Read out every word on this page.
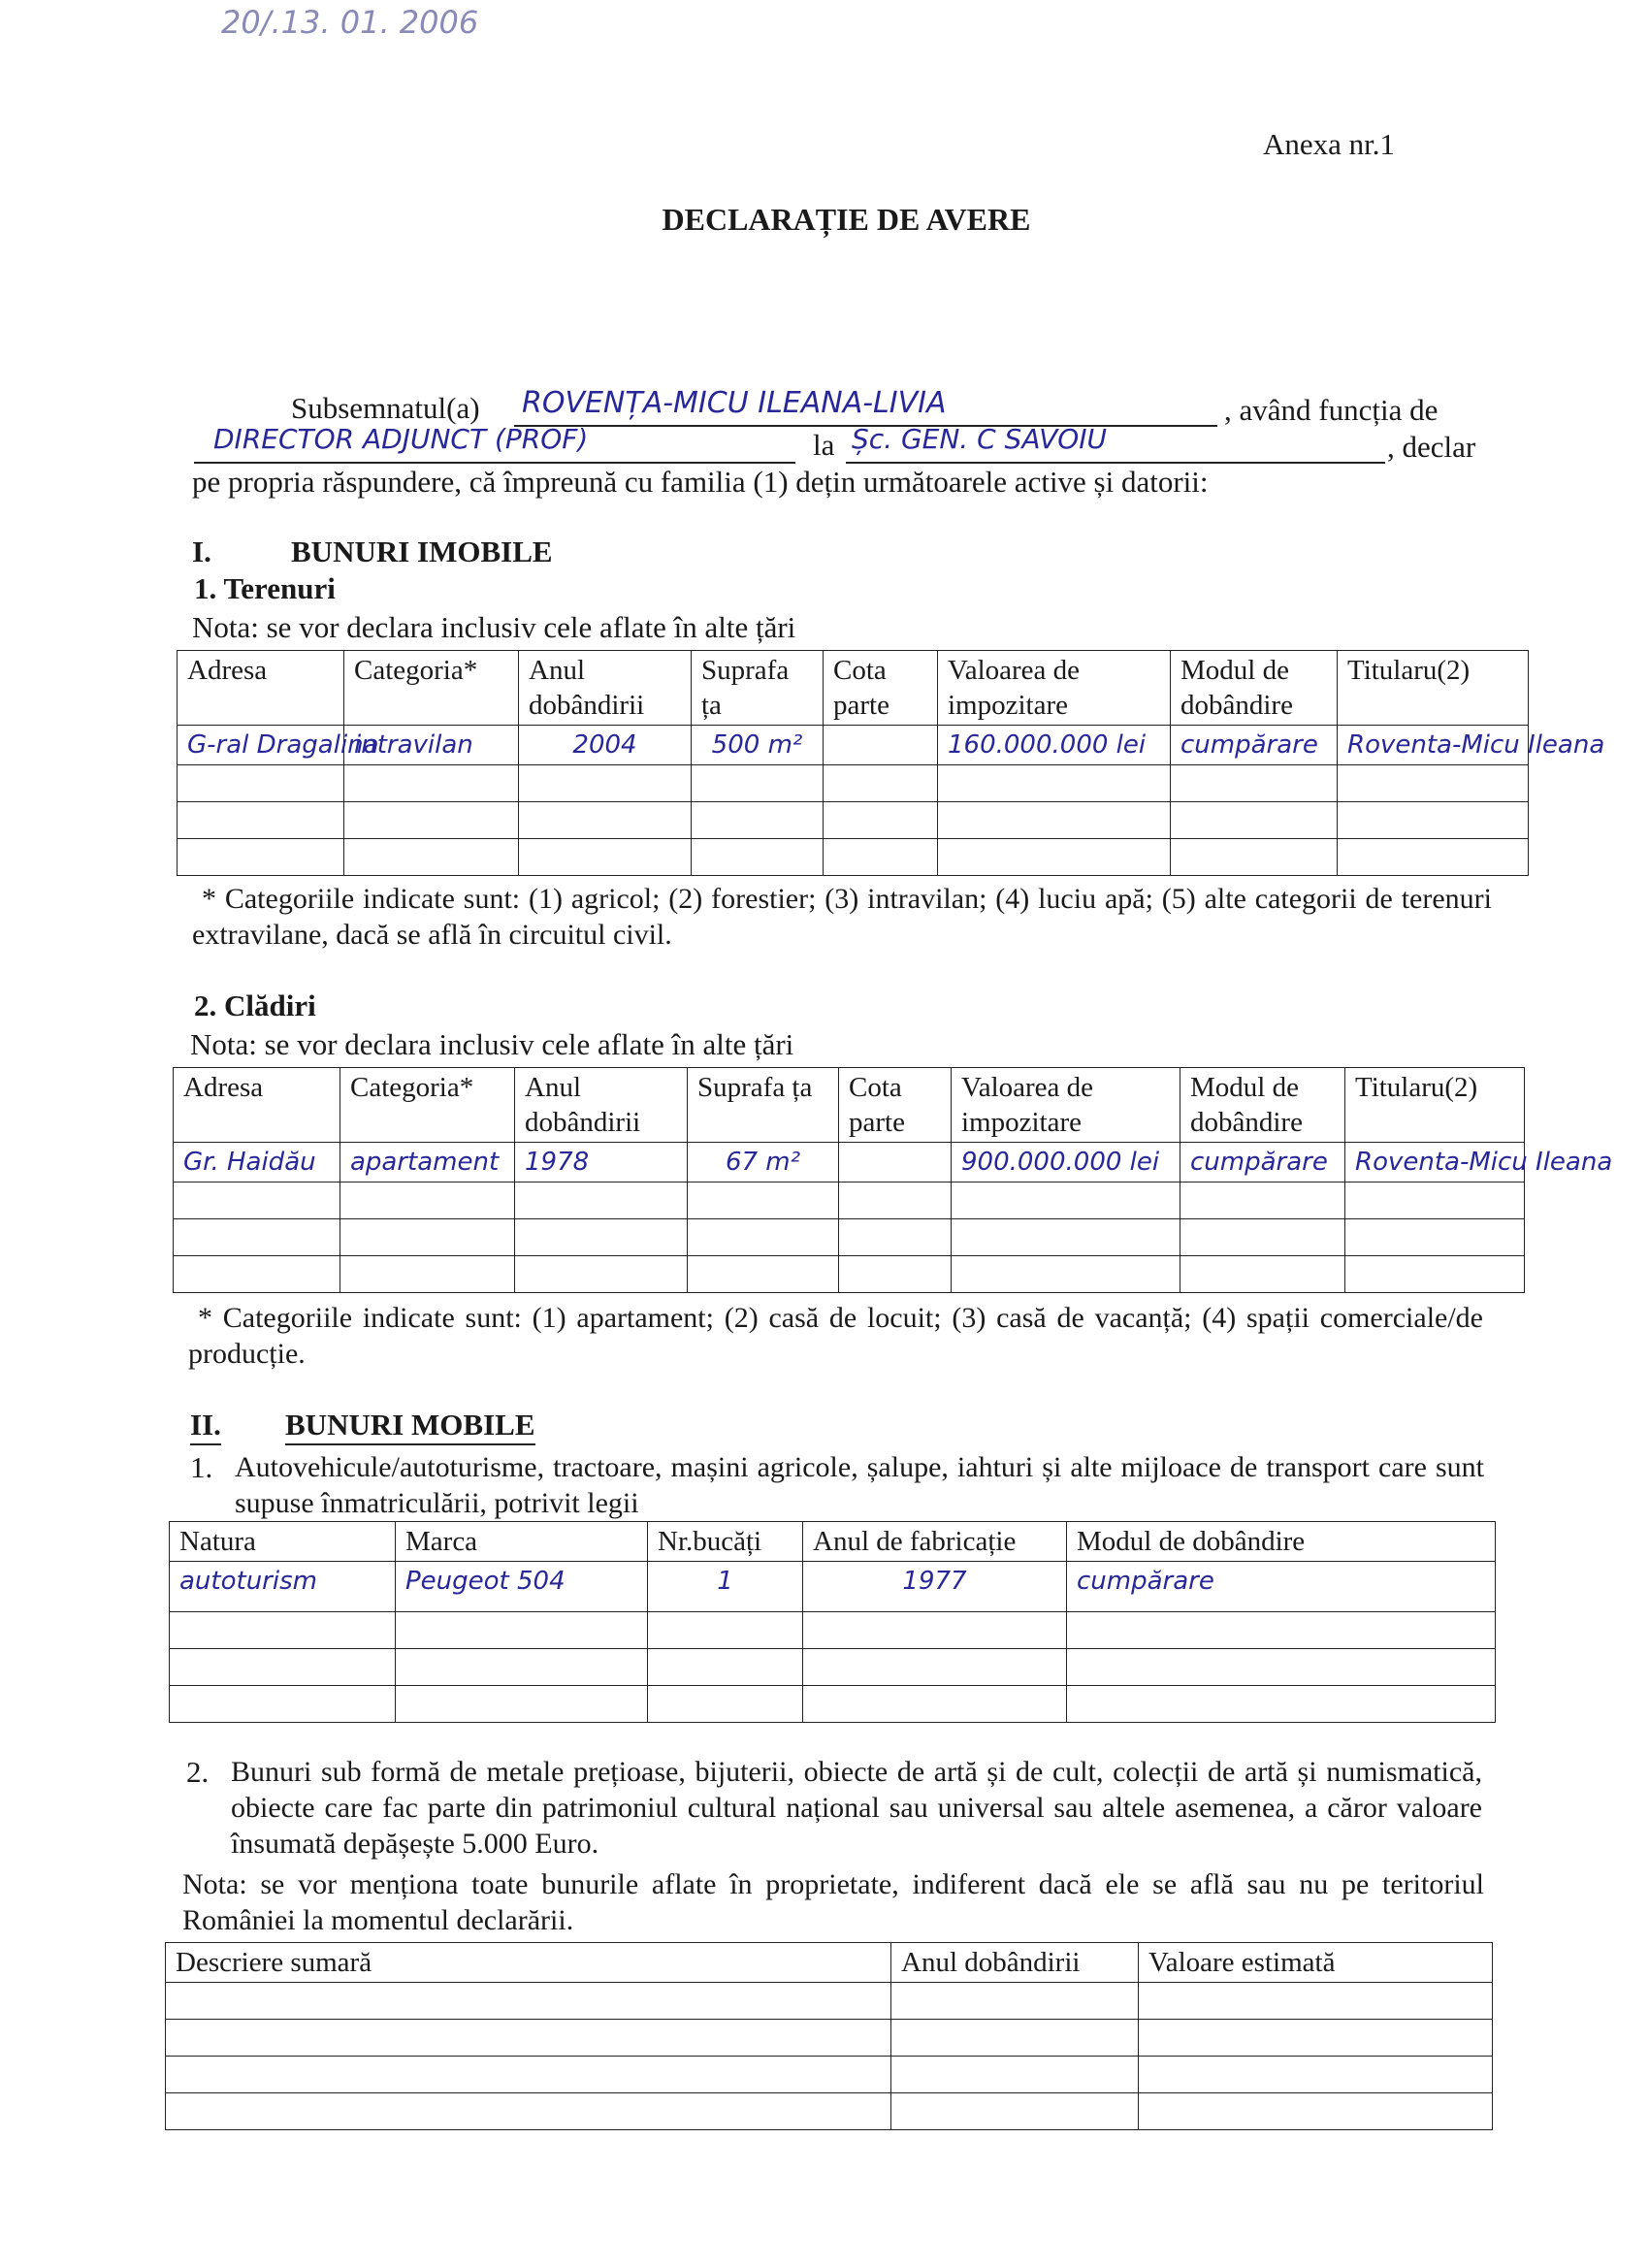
20/.13. 01. 2006
Anexa nr.1
DECLARAȚIE DE AVERE
Subsemnatul(a) ROVENȚA-MICU ILEANA-LIVIA	, având funcția de
DIRECTOR ADJUNCT (PROF)	la Șc. GEN. C SAVOIU	, declar
pe propria răspundere, că împreună cu familia (1) dețin următoarele active și datorii:
I.	BUNURI IMOBILE
1. Terenuri
Nota: se vor declara inclusiv cele aflate în alte țări
Adresa	Categoria*	Anul dobândirii	Suprafa ța	Cota parte	Valoarea de impozitare	Modul de dobândire	Titularu(2)
G-ral Dragalina	intravilan	2004	500 m²		160.000.000 lei	cumpărare	Roventa-Micu Ileana

* Categoriile indicate sunt: (1) agricol; (2) forestier; (3) intravilan; (4) luciu apă; (5) alte categorii de terenuri extravilane, dacă se află în circuitul civil.
2. Clădiri
Nota: se vor declara inclusiv cele aflate în alte țări
Adresa	Categoria*	Anul dobândirii	Suprafa ța	Cota parte	Valoarea de impozitare	Modul de dobândire	Titularu(2)
Gr. Haidău	apartament	1978	67 m²		900.000.000 lei	cumpărare	Roventa-Micu Ileana

* Categoriile indicate sunt: (1) apartament; (2) casă de locuit; (3) casă de vacanță; (4) spații comerciale/de producție.
II. BUNURI MOBILE
1. Autovehicule/autoturisme, tractoare, mașini agricole, șalupe, iahturi și alte mijloace de transport care sunt supuse înmatriculării, potrivit legii
Natura	Marca	Nr.bucăți	Anul de fabricație	Modul de dobândire
autoturism	Peugeot 504	1	1977	cumpărare

2. Bunuri sub formă de metale prețioase, bijuterii, obiecte de artă și de cult, colecții de artă și numismatică, obiecte care fac parte din patrimoniul cultural național sau universal sau altele asemenea, a căror valoare însumată depășește 5.000 Euro.
Nota: se vor menționa toate bunurile aflate în proprietate, indiferent dacă ele se află sau nu pe teritoriul României la momentul declarării.
Descriere sumară	Anul dobândirii	Valoare estimată
